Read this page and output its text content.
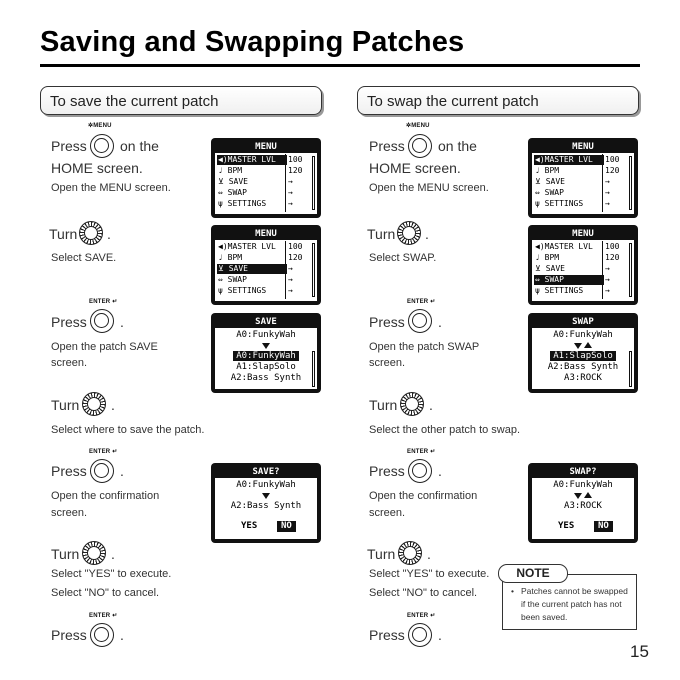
Saving and Swapping Patches
To save the current patch	To swap the current patch
✲MENU
Press on the
HOME screen.
Open the MENU screen.
Turn .
Select SAVE.
ENTER ↵
Press .
Open the patch SAVE
screen.
Turn .
Select where to save the patch.
ENTER ↵
Press .
Open the confirmation
screen.
Turn .
Select "YES" to execute.
Select "NO" to cancel.
ENTER ↵
Press .
MENU
◀)MASTER LVL	100
♩ BPM	120
⊻ SAVE	→
⇔ SWAP	→
ψ SETTINGS	→
MENU
◀)MASTER LVL	100
♩ BPM	120
⊻ SAVE	→
⇔ SWAP	→
ψ SETTINGS	→
SAVE
A0:FunkyWah
A0:FunkyWah
A1:SlapSolo
A2:Bass Synth
SAVE?
A0:FunkyWah
A2:Bass Synth
YES	NO
✲MENU
Press on the
HOME screen.
Open the MENU screen.
Turn .
Select SWAP.
ENTER ↵
Press .
Open the patch SWAP
screen.
Turn .
Select the other patch to swap.
ENTER ↵
Press .
Open the confirmation
screen.
Turn .
Select "YES" to execute.
Select "NO" to cancel.
ENTER ↵
Press .
MENU
◀)MASTER LVL	100
♩ BPM	120
⊻ SAVE	→
⇔ SWAP	→
ψ SETTINGS	→
MENU
◀)MASTER LVL	100
♩ BPM	120
⊻ SAVE	→
⇔ SWAP	→
ψ SETTINGS	→
SWAP
A0:FunkyWah
A1:SlapSolo
A2:Bass Synth
A3:ROCK
SWAP?
A0:FunkyWah
A3:ROCK
YES	NO
• Patches cannot be swapped
if the current patch has not
been saved.
NOTE
15
